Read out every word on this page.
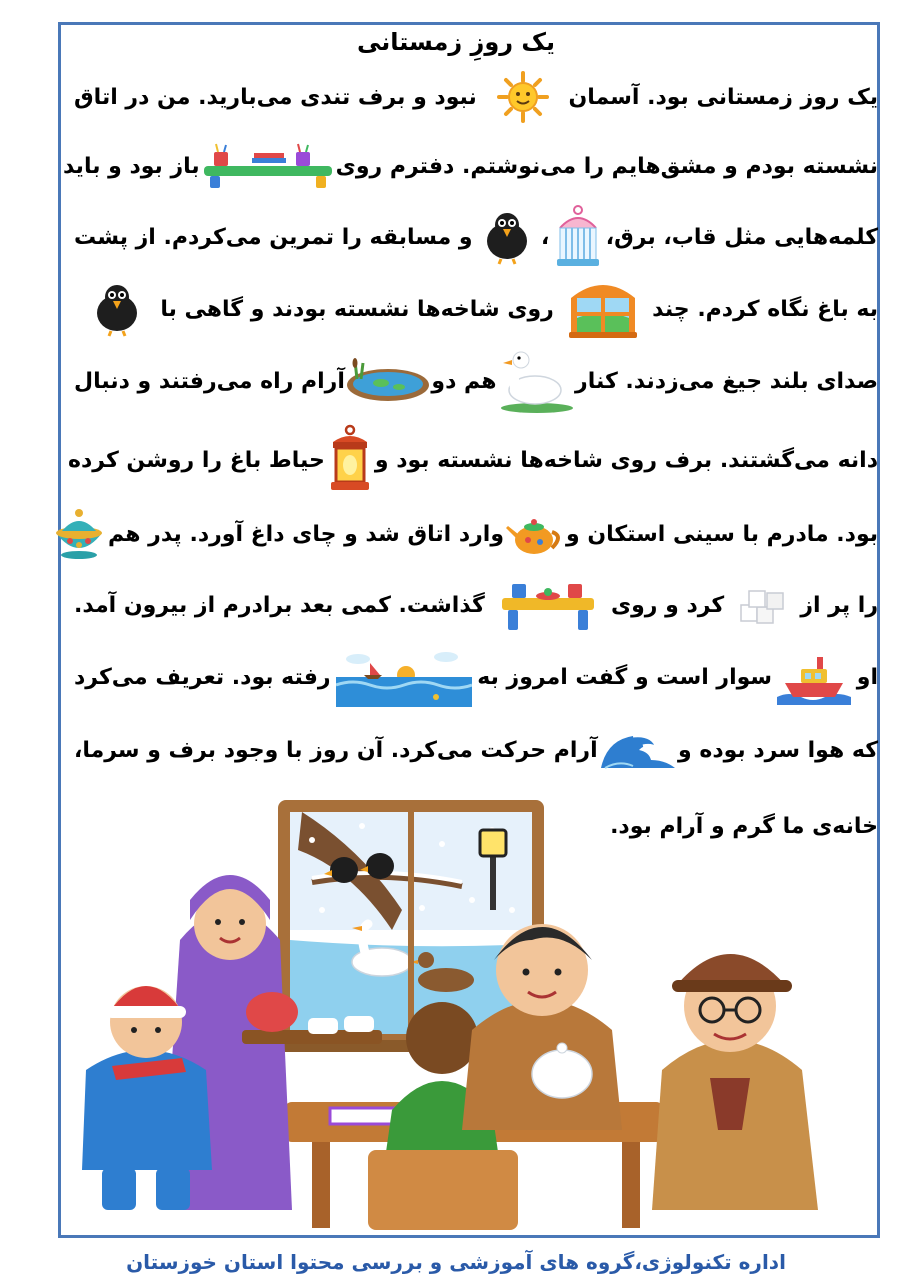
یک روزِ زمستانی
یک روز زمستانی بود. آسمان
نبود و برف تندی می‌بارید. من در اتاق
نشسته بودم و مشق‌هایم را می‌نوشتم. دفترم روی
باز بود و باید
کلمه‌هایی مثل قاب، برق،
،
و مسابقه را تمرین می‌کردم. از پشت
به باغ نگاه کردم. چند
روی شاخه‌ها نشسته بودند و گاهی با
صدای بلند جیغ می‌زدند. کنار
هم دو
آرام راه می‌رفتند و دنبال
دانه می‌گشتند. برف روی شاخه‌ها نشسته بود و
حیاط باغ را روشن کرده
بود. مادرم با سینی استکان و
وارد اتاق شد و چای داغ آورد. پدر هم
را پر از
کرد و روی
گذاشت. کمی بعد برادرم از بیرون آمد.
او
سوار است و گفت امروز به
رفته بود. تعریف می‌کرد
که هوا سرد بوده و
آرام حرکت می‌کرد. آن روز با وجود برف و سرما،
خانه‌ی ما گرم و آرام بود.
اداره تکنولوژی،گروه های آموزشی و بررسی محتوا استان خوزستان
